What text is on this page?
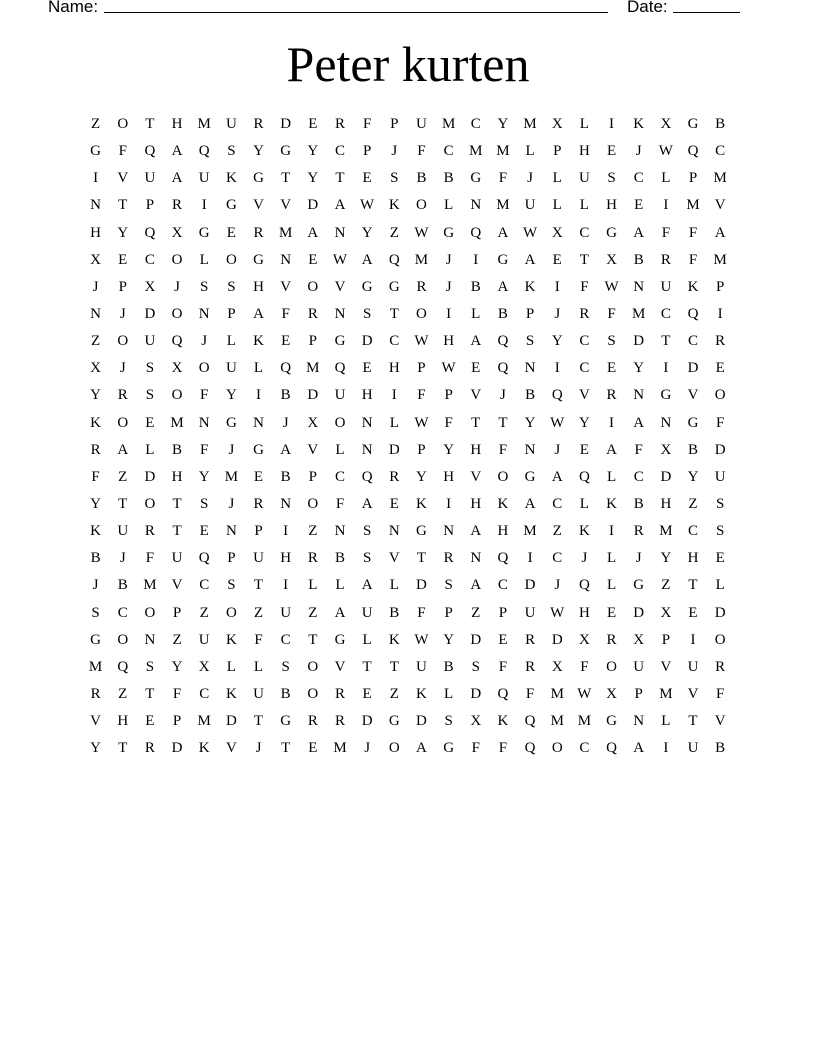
Name:	Date:
Peter kurten
Z	O	T	H	M	U	R	D	E	R	F	P	U	M	C	Y	M	X	L	I	K	X	G	B
G	F	Q	A	Q	S	Y	G	Y	C	P	J	F	C	M M	L	P	H	E	J	W Q	C
I	V	U	A	U	K	G	T	Y	T	E	S	B	B	G	F	J	L	U	S	C	L	P	M
N	T	P	R	I	G	V	V	D	A W K	O	L	N	M	U	L	L	H	E	I	M	V
H	Y	Q	X	G	E	R	M	A	N	Y	Z	W G	Q	A W X	C	G	A	F	F	A
X	E	C	O	L	O	G	N	E	W A	Q	M	J	I	G	A	E	T	X	B	R	F	M
J	P	X	J	S	S	H	V	O	V	G	G	R	J	B	A	K	I	F	W N	U	K	P
N	J	D	O	N	P	A	F	R	N	S	T	O	I	L	B	P	J	R	F	M	C	Q	I
Z	O	U	Q	J	L	K	E	P	G	D	C	W H	A	Q	S	Y	C	S	D	T	C	R
X	J	S	X	O	U	L	Q	M	Q	E	H	P	W	E	Q	N	I	C	E	Y	I	D	E
Y	R	S	O	F	Y	I	B	D	U	H	I	F	P	V	J	B	Q	V	R	N	G	V	O
K	O	E	M	N	G	N	J	X	O	N	L	W	F	T	T	Y W Y	I	A	N	G	F
R	A	L	B	F	J	G	A	V	L	N	D	P	Y	H	F	N	J	E	A	F	X	B	D
F	Z	D	H	Y	M	E	B	P	C	Q	R	Y	H	V	O	G	A	Q	L	C	D	Y	U
Y	T	O	T	S	J	R	N	O	F	A	E	K	I	H	K	A	C	L	K	B	H	Z	S
K	U	R	T	E	N	P	I	Z	N	S	N	G	N	A	H	M	Z	K	I	R	M	C	S
B	J	F	U	Q	P	U	H	R	B	S	V	T	R	N	Q	I	C	J	L	J	Y	H	E
J	B	M	V	C	S	T	I	L	L	A	L	D	S	A	C	D	J	Q	L	G	Z	T	L
S	C	O	P	Z	O	Z	U	Z	A	U	B	F	P	Z	P	U W H	E	D	X	E	D
G	O	N	Z	U	K	F	C	T	G	L	K W Y	D	E	R	D	X	R	X	P	I	O
M	Q	S	Y	X	L	L	S	O	V	T	T	U	B	S	F	R	X	F	O	U	V	U	R
R	Z	T	F	C	K	U	B	O	R	E	Z	K	L	D	Q	F	M W X	P	M	V	F
V	H	E	P	M	D	T	G	R	R	D	G	D	S	X	K	Q	M M	G	N	L	T	V
Y	T	R	D	K	V	J	T	E	M	J	O	A	G	F	F	Q	O	C	Q	A	I	U	B
